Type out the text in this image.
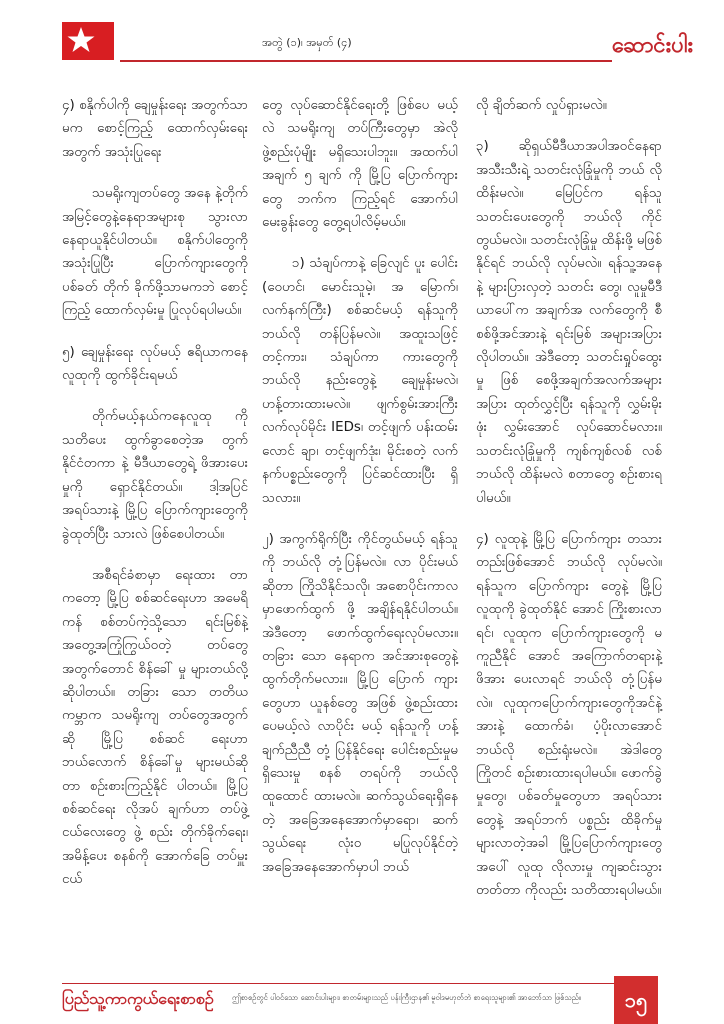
အတွဲ (၁)၊ အမှတ် (၄)	ဆောင်းပါး

၄) စနိုက်ပါကို ချေမှုန်းရေး အတွက်သာမက စောင့်ကြည့် ထောက်လှမ်းရေးအတွက် အသုံးပြုရေး

သမရိုးကျတပ်တွေ အနေ နဲ့တိုက်အမြင့်တွေနဲ့နေရာအများစု သွားလာ နေရာယူနိုင်ပါတယ်။ စနိုက်ပါတွေကို အသုံးပြုပြီး ပြောက်ကျားတွေကို ပစ်ခတ် တိုက် ခိုက်ဖို့သာမကဘဲ စောင့်ကြည့် ထောက်လှမ်းမှု ပြုလုပ်ရပါမယ်။

၅) ချေမှုန်းရေး လုပ်မယ့် ဧရိယာကနေ လူထုကို ထွက်ခိုင်းရမယ်

တိုက်မယ့်နယ်ကနေလူထု ကို သတိပေး ထွက်ခွာစေတဲ့အ တွက် နိုင်ငံတကာ နဲ့ မီဒီယာတွေရဲ့ ဖိအားပေးမှုကို ရှောင်နိုင်တယ်။ ဒါ့အပြင် အရပ်သားနဲ့ မြို့ပြ ပြောက်ကျားတွေကို ခွဲထုတ်ပြီး သားလဲ ဖြစ်စေပါတယ်။

အစီရင်ခံစာမှာ ရေးထား တာကတော့ မြို့ပြ စစ်ဆင်ရေးဟာ အမေရိကန် စစ်တပ်ကဲ့သို့သော ရင်းမြစ်နဲ့ အတွေ့အကြုံကြွယ်ဝတဲ့ တပ်တွေအတွက်တောင် စိန်ခေါ် မှု များတယ်လို့ ဆိုပါတယ်။ တခြား သော တတိယ ကမ္ဘာက သမရိုးကျ တပ်တွေအတွက်ဆို မြို့ပြ စစ်ဆင် ရေးဟာ ဘယ်လောက် စိန်ခေါ်မှု များမယ်ဆိုတာ စဉ်းစားကြည့်နိုင် ပါတယ်။ မြို့ပြ စစ်ဆင်ရေး လိုအပ် ချက်ဟာ တပ်ဖွဲ့ငယ်လေးတွေ ဖွဲ့ စည်း တိုက်ခိုက်ရေး၊ အမိန့်ပေး စနစ်ကို အောက်ခြေ တပ်မှူးငယ်

တွေ လုပ်ဆောင်နိုင်ရေးတို့ ဖြစ်ပေ မယ့်လဲ သမရိုးကျ တပ်ကြီးတွေမှာ အဲလို ဖွဲ့စည်းပုံမျိုး မရှိသေးပါဘူး။ အထက်ပါ အချက် ၅ ချက် ကို မြို့ပြ ပြောက်ကျားတွေ ဘက်က ကြည့်ရင် အောက်ပါ မေးခွန်းတွေ တွေ့ရပါလိမ့်မယ်။

၁) သံချပ်ကာနဲ့ ခြေလျင် ပူး ပေါင်း (ဝေဟင်၊ မောင်းသူမဲ့၊ အ မြောက်၊ လက်နက်ကြီး) စစ်ဆင်မယ့် ရန်သူကို ဘယ်လို တန်ပြန်မလဲ။ အထူးသဖြင့် တင့်ကား၊ သံချပ်ကာ ကားတွေကို ဘယ်လို နည်းတွေနဲ့ ချေမှုန်းမလဲ၊ ဟန့်တားထားမလဲ။ ဖျက်စွမ်းအားကြီး လက်လုပ်မိုင်း IEDs၊ တင့်ဖျက် ပန်းထမ်း လောင် ချာ၊ တင့်ဖျက်ဒုံး၊ မိုင်းစတဲ့ လက် နက်ပစ္စည်းတွေကို ပြင်ဆင်ထားပြီး ရှိသလား။

၂) အကွက်ရိုက်ပြီး ကိုင်တွယ်မယ့် ရန်သူကို ဘယ်လို တုံ့ပြန်မလဲ။ လာ ပိုင်းမယ်ဆိုတာ ကြိုသိနိုင်သလို၊ အစောပိုင်းကာလမှာဖောက်ထွက် ဖို့ အချိန်ရနိုင်ပါတယ်။ အဲဒီတော့ ဖောက်ထွက်ရေးလုပ်မလား။ တခြား သော နေရာက အင်အားစုတွေနဲ့ ထွက်တိုက်မလား။ မြို့ပြ ပြောက် ကျားတွေဟာ ယူနစ်တွေ အဖြစ် ဖွဲ့စည်းထားပေမယ့်လဲ လာပိုင်း မယ့် ရန်သူကို ဟန့်ချက်ညီညီ တုံ့ ပြန်နိုင်ရေး ပေါင်းစည်းမှုမရှိသေးမှု စနစ် တရပ်ကို ဘယ်လို ထူထောင် ထားမလဲ။ ဆက်သွယ်ရေးရှိနေတဲ့ အခြေအနေအောက်မှာရော၊ ဆက် သွယ်ရေး လုံးဝ မပြုလုပ်နိုင်တဲ့ အခြေအနေအောက်မှာပါ ဘယ်

လို ချိတ်ဆက် လှုပ်ရှားမလဲ။

၃) ဆိုရှယ်မီဒီယာအပါအဝင်နေရာ အသီးသီးရဲ့ သတင်းလုံခြုံမှုကို ဘယ် လို ထိန်းမလဲ။ မြေပြင်က ရန်သူ သတင်းပေးတွေကို ဘယ်လို ကိုင် တွယ်မလဲ။ သတင်းလုံခြုံမှု ထိန်းဖို့ မဖြစ်နိုင်ရင် ဘယ်လို လုပ်မလဲ။ ရန်သူ့အနေနဲ့ များပြားလှတဲ့ သတင်း တွေ၊ လူမှုမီဒီယာပေါ်က အချက်အ လက်တွေကို စီစစ်ဖို့အင်အားနဲ့ ရင်းမြစ် အများအပြား လိုပါတယ်။ အဲဒီတော့ သတင်းရှုပ်ထွေးမှု ဖြစ် စေဖို့အချက်အလက်အများအပြား ထုတ်လွှင့်ပြီး ရန်သူကို လွှမ်းမိုး ဖုံး လွှမ်းအောင် လုပ်ဆောင်မလား။ သတင်းလုံခြုံမှုကို ကျစ်ကျစ်လစ် လစ် ဘယ်လို ထိန်းမလဲ စတာတွေ စဉ်းစားရပါမယ်။

၄) လူထုနဲ့ မြို့ပြ ပြောက်ကျား တသားတည်းဖြစ်အောင် ဘယ်လို လုပ်မလဲ။ ရန်သူက ပြောက်ကျား တွေနဲ့ မြို့ပြလူထုကို ခွဲထုတ်နိုင် အောင် ကြိုးစားလာရင်၊ လူထုက ပြောက်ကျားတွေကို မကူညီနိုင် အောင် အကြောက်တရားနဲ့ ဖိအား ပေးလာရင် ဘယ်လို တုံ့ပြန်မလဲ။ လူထုကပြောက်ကျားတွေကိုအင်နဲ့ အားနဲ့ ထောက်ခံ၊ ပံ့ပိုးလာအောင် ဘယ်လို စည်းရုံးမလဲ။ အဲဒါတွေ ကြိုတင် စဉ်းစားထားရပါမယ်။ ဖောက်ခွဲမှုတွေ၊ ပစ်ခတ်မှုတွေဟာ အရပ်သားတွေနဲ့ အရပ်ဘက် ပစ္စည်း ထိခိုက်မှု များလာတဲ့အခါ မြို့ပြပြောက်ကျားတွေအပေါ် လူထု လိုလားမှု ကျဆင်းသွားတတ်တာ ကိုလည်း သတိထားရပါမယ်။

ပြည်သူ့ကာကွယ်ရေးစာစဉ် ဤစာစဉ်တွင် ပါဝင်သော ဆောင်းပါးများ၊ စာတမ်းများသည် ပန်းကြီးဌာန၏ မူဝါဒမဟုတ်ဘဲ စာရေးသူများ၏ အာဘော်သာ ဖြစ်သည်။	၁၅
